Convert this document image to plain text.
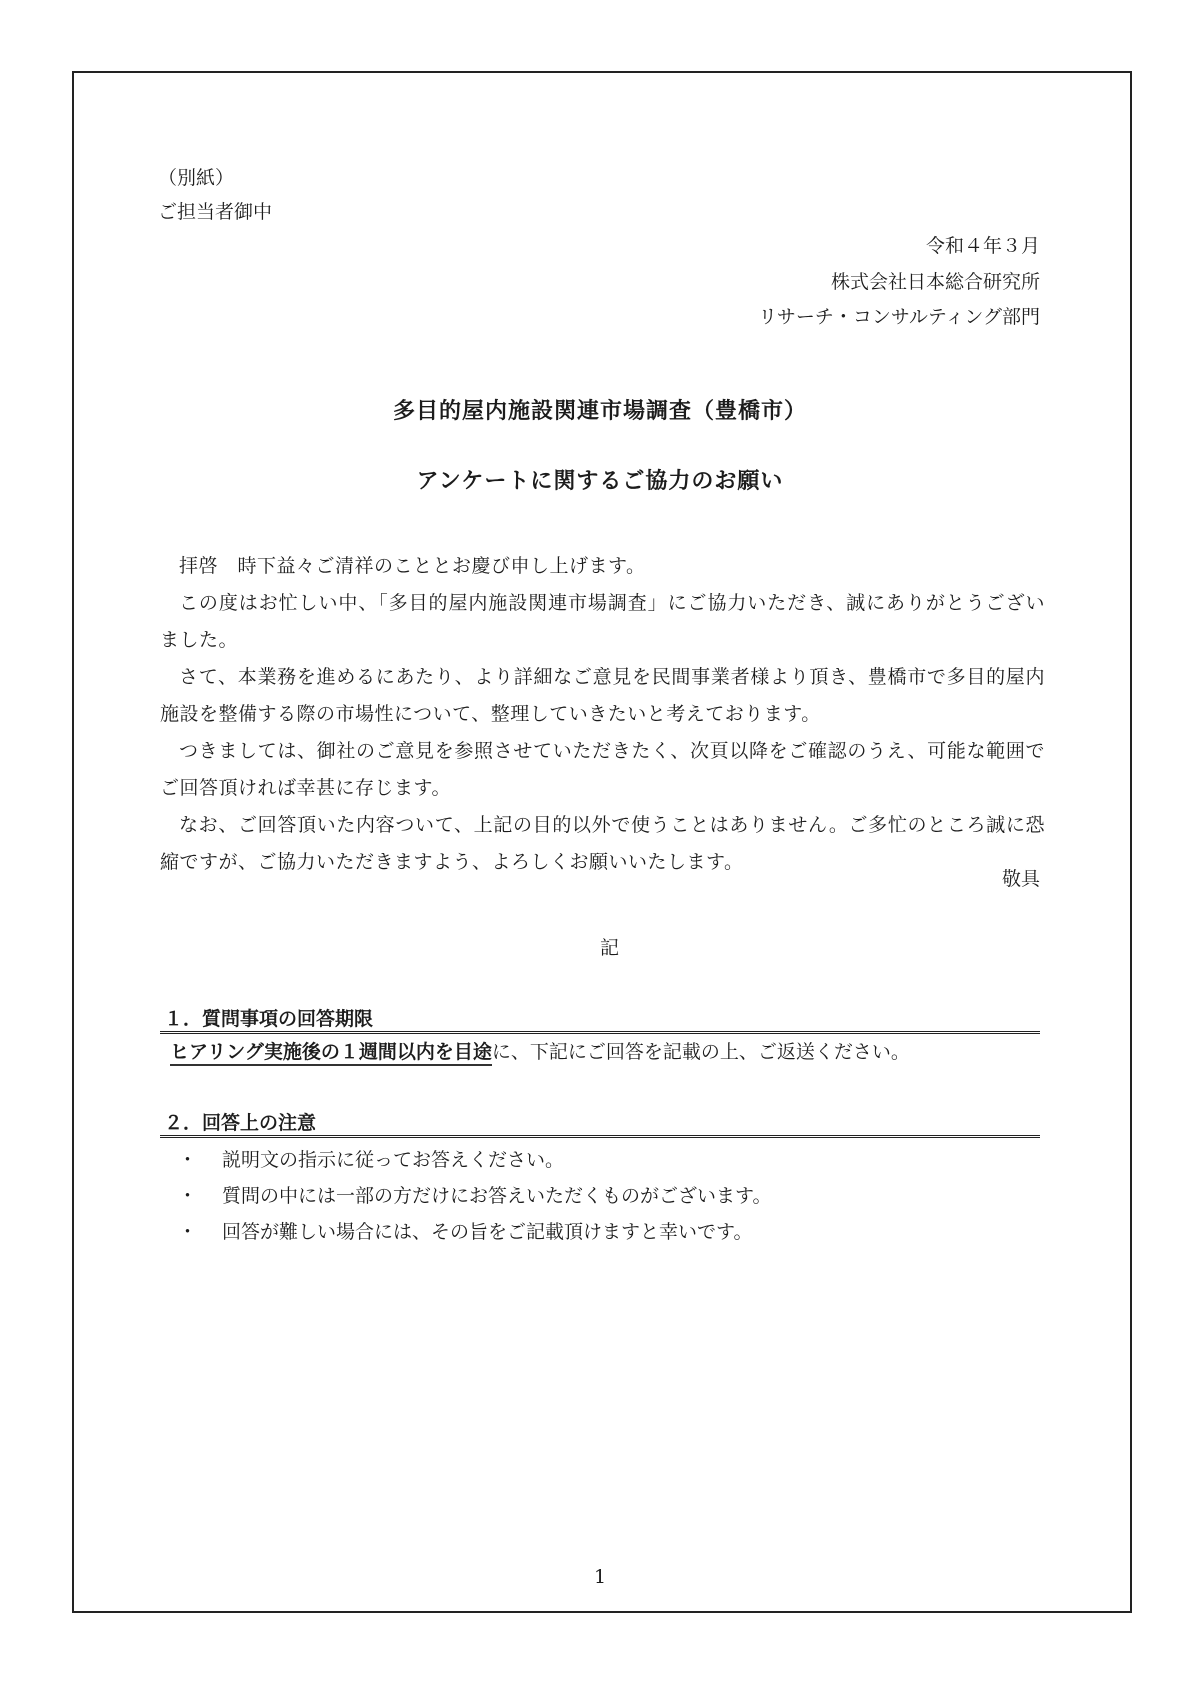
（別紙）
ご担当者御中
令和４年３月
株式会社日本総合研究所
リサーチ・コンサルティング部門
多目的屋内施設関連市場調査（豊橋市）
アンケートに関するご協力のお願い

拝啓　時下益々ご清祥のこととお慶び申し上げます。

この度はお忙しい中、「多目的屋内施設関連市場調査」にご協力いただき、誠にありがとうございました。

さて、本業務を進めるにあたり、より詳細なご意見を民間事業者様より頂き、豊橋市で多目的屋内施設を整備する際の市場性について、整理していきたいと考えております。

つきましては、御社のご意見を参照させていただきたく、次頁以降をご確認のうえ、可能な範囲でご回答頂ければ幸甚に存じます。

なお、ご回答頂いた内容ついて、上記の目的以外で使うことはありません。ご多忙のところ誠に恐縮ですが、ご協力いただきますよう、よろしくお願いいたします。

敬具
記
１．質問事項の回答期限
ヒアリング実施後の１週間以内を目途に、下記にご回答を記載の上、ご返送ください。
２．回答上の注意
・	説明文の指示に従ってお答えください。
・	質問の中には一部の方だけにお答えいただくものがございます。
・	回答が難しい場合には、その旨をご記載頂けますと幸いです。
1
